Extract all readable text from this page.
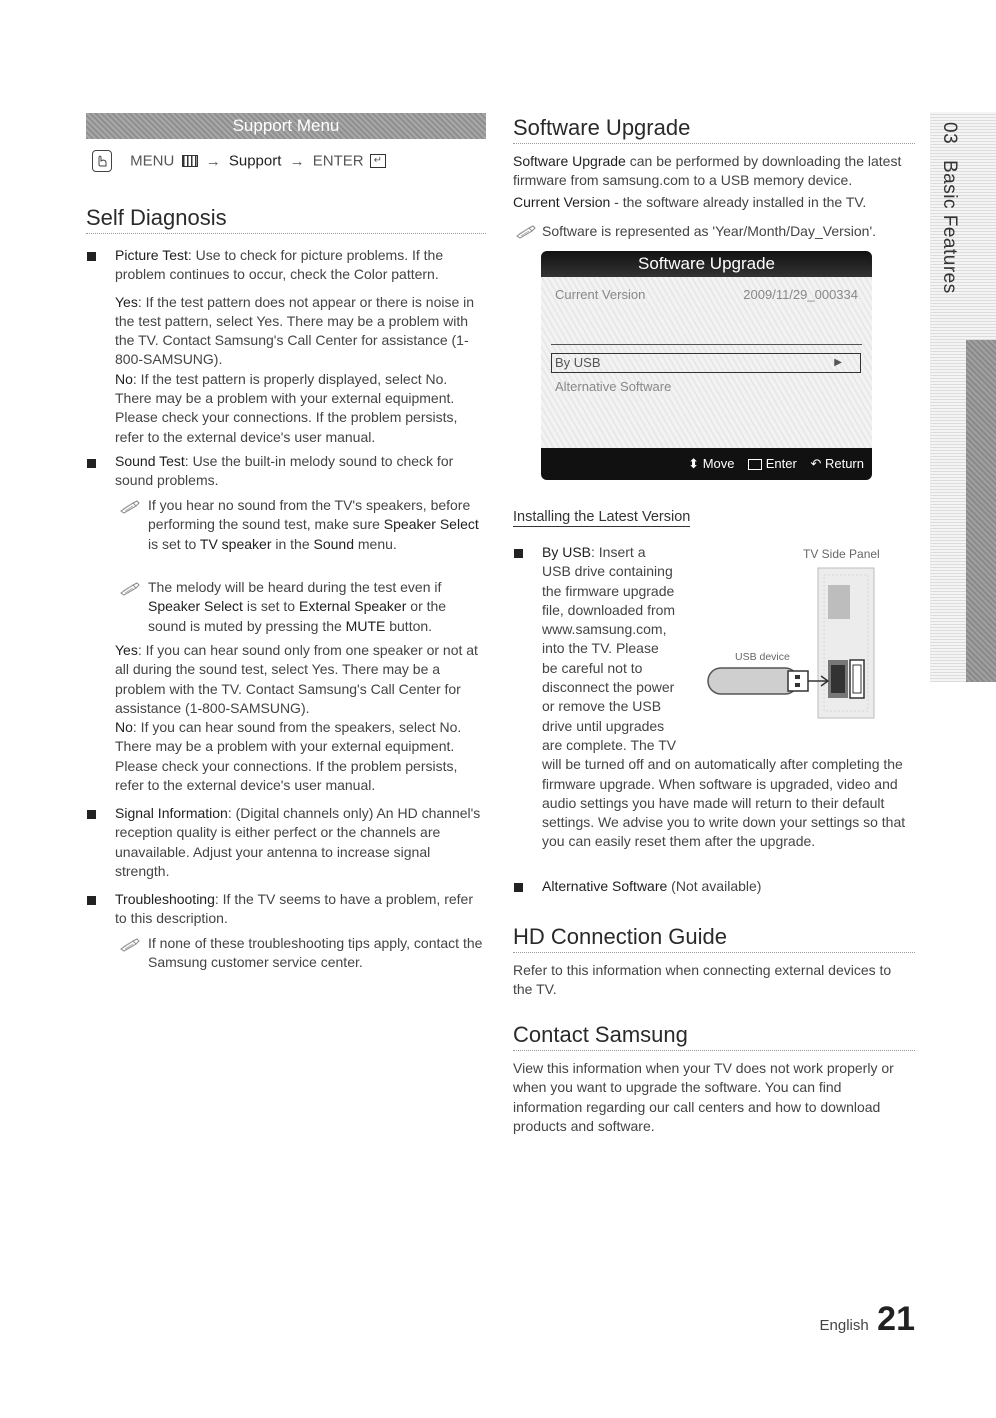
Support Menu
MENU → Support → ENTER ↵
Self Diagnosis
Picture Test: Use to check for picture problems. If the problem continues to occur, check the Color pattern.
Yes: If the test pattern does not appear or there is noise in the test pattern, select Yes. There may be a problem with the TV. Contact Samsung's Call Center for assistance (1-800-SAMSUNG).
No: If the test pattern is properly displayed, select No. There may be a problem with your external equipment. Please check your connections. If the problem persists, refer to the external device's user manual.
Sound Test: Use the built-in melody sound to check for sound problems.
If you hear no sound from the TV's speakers, before performing the sound test, make sure Speaker Select is set to TV speaker in the Sound menu.
The melody will be heard during the test even if Speaker Select is set to External Speaker or the sound is muted by pressing the MUTE button.
Yes: If you can hear sound only from one speaker or not at all during the sound test, select Yes. There may be a problem with the TV. Contact Samsung's Call Center for assistance (1-800-SAMSUNG).
No: If you can hear sound from the speakers, select No. There may be a problem with your external equipment. Please check your connections. If the problem persists, refer to the external device's user manual.
Signal Information: (Digital channels only) An HD channel's reception quality is either perfect or the channels are unavailable. Adjust your antenna to increase signal strength.
Troubleshooting: If the TV seems to have a problem, refer to this description.
If none of these troubleshooting tips apply, contact the Samsung customer service center.
Software Upgrade
Software Upgrade can be performed by downloading the latest firmware from samsung.com to a USB memory device.
Current Version - the software already installed in the TV.
Software is represented as 'Year/Month/Day_Version'.
Software Upgrade
Current Version	2009/11/29_000334
By USB	▶
Alternative Software
⬍ Move Enter ↶ Return
Installing the Latest Version
By USB: Insert a
USB drive containing
the firmware upgrade
file, downloaded from
www.samsung.com,
into the TV. Please
be careful not to
disconnect the power
or remove the USB
drive until upgrades
are complete. The TV
will be turned off and on automatically after completing the firmware upgrade. When software is upgraded, video and audio settings you have made will return to their default settings. We advise you to write down your settings so that you can easily reset them after the upgrade.
TV Side Panel
USB device
Alternative Software (Not available)
HD Connection Guide
Refer to this information when connecting external devices to the TV.
Contact Samsung
View this information when your TV does not work properly or when you want to upgrade the software. You can find information regarding our call centers and how to download products and software.
03 Basic Features
English 21
